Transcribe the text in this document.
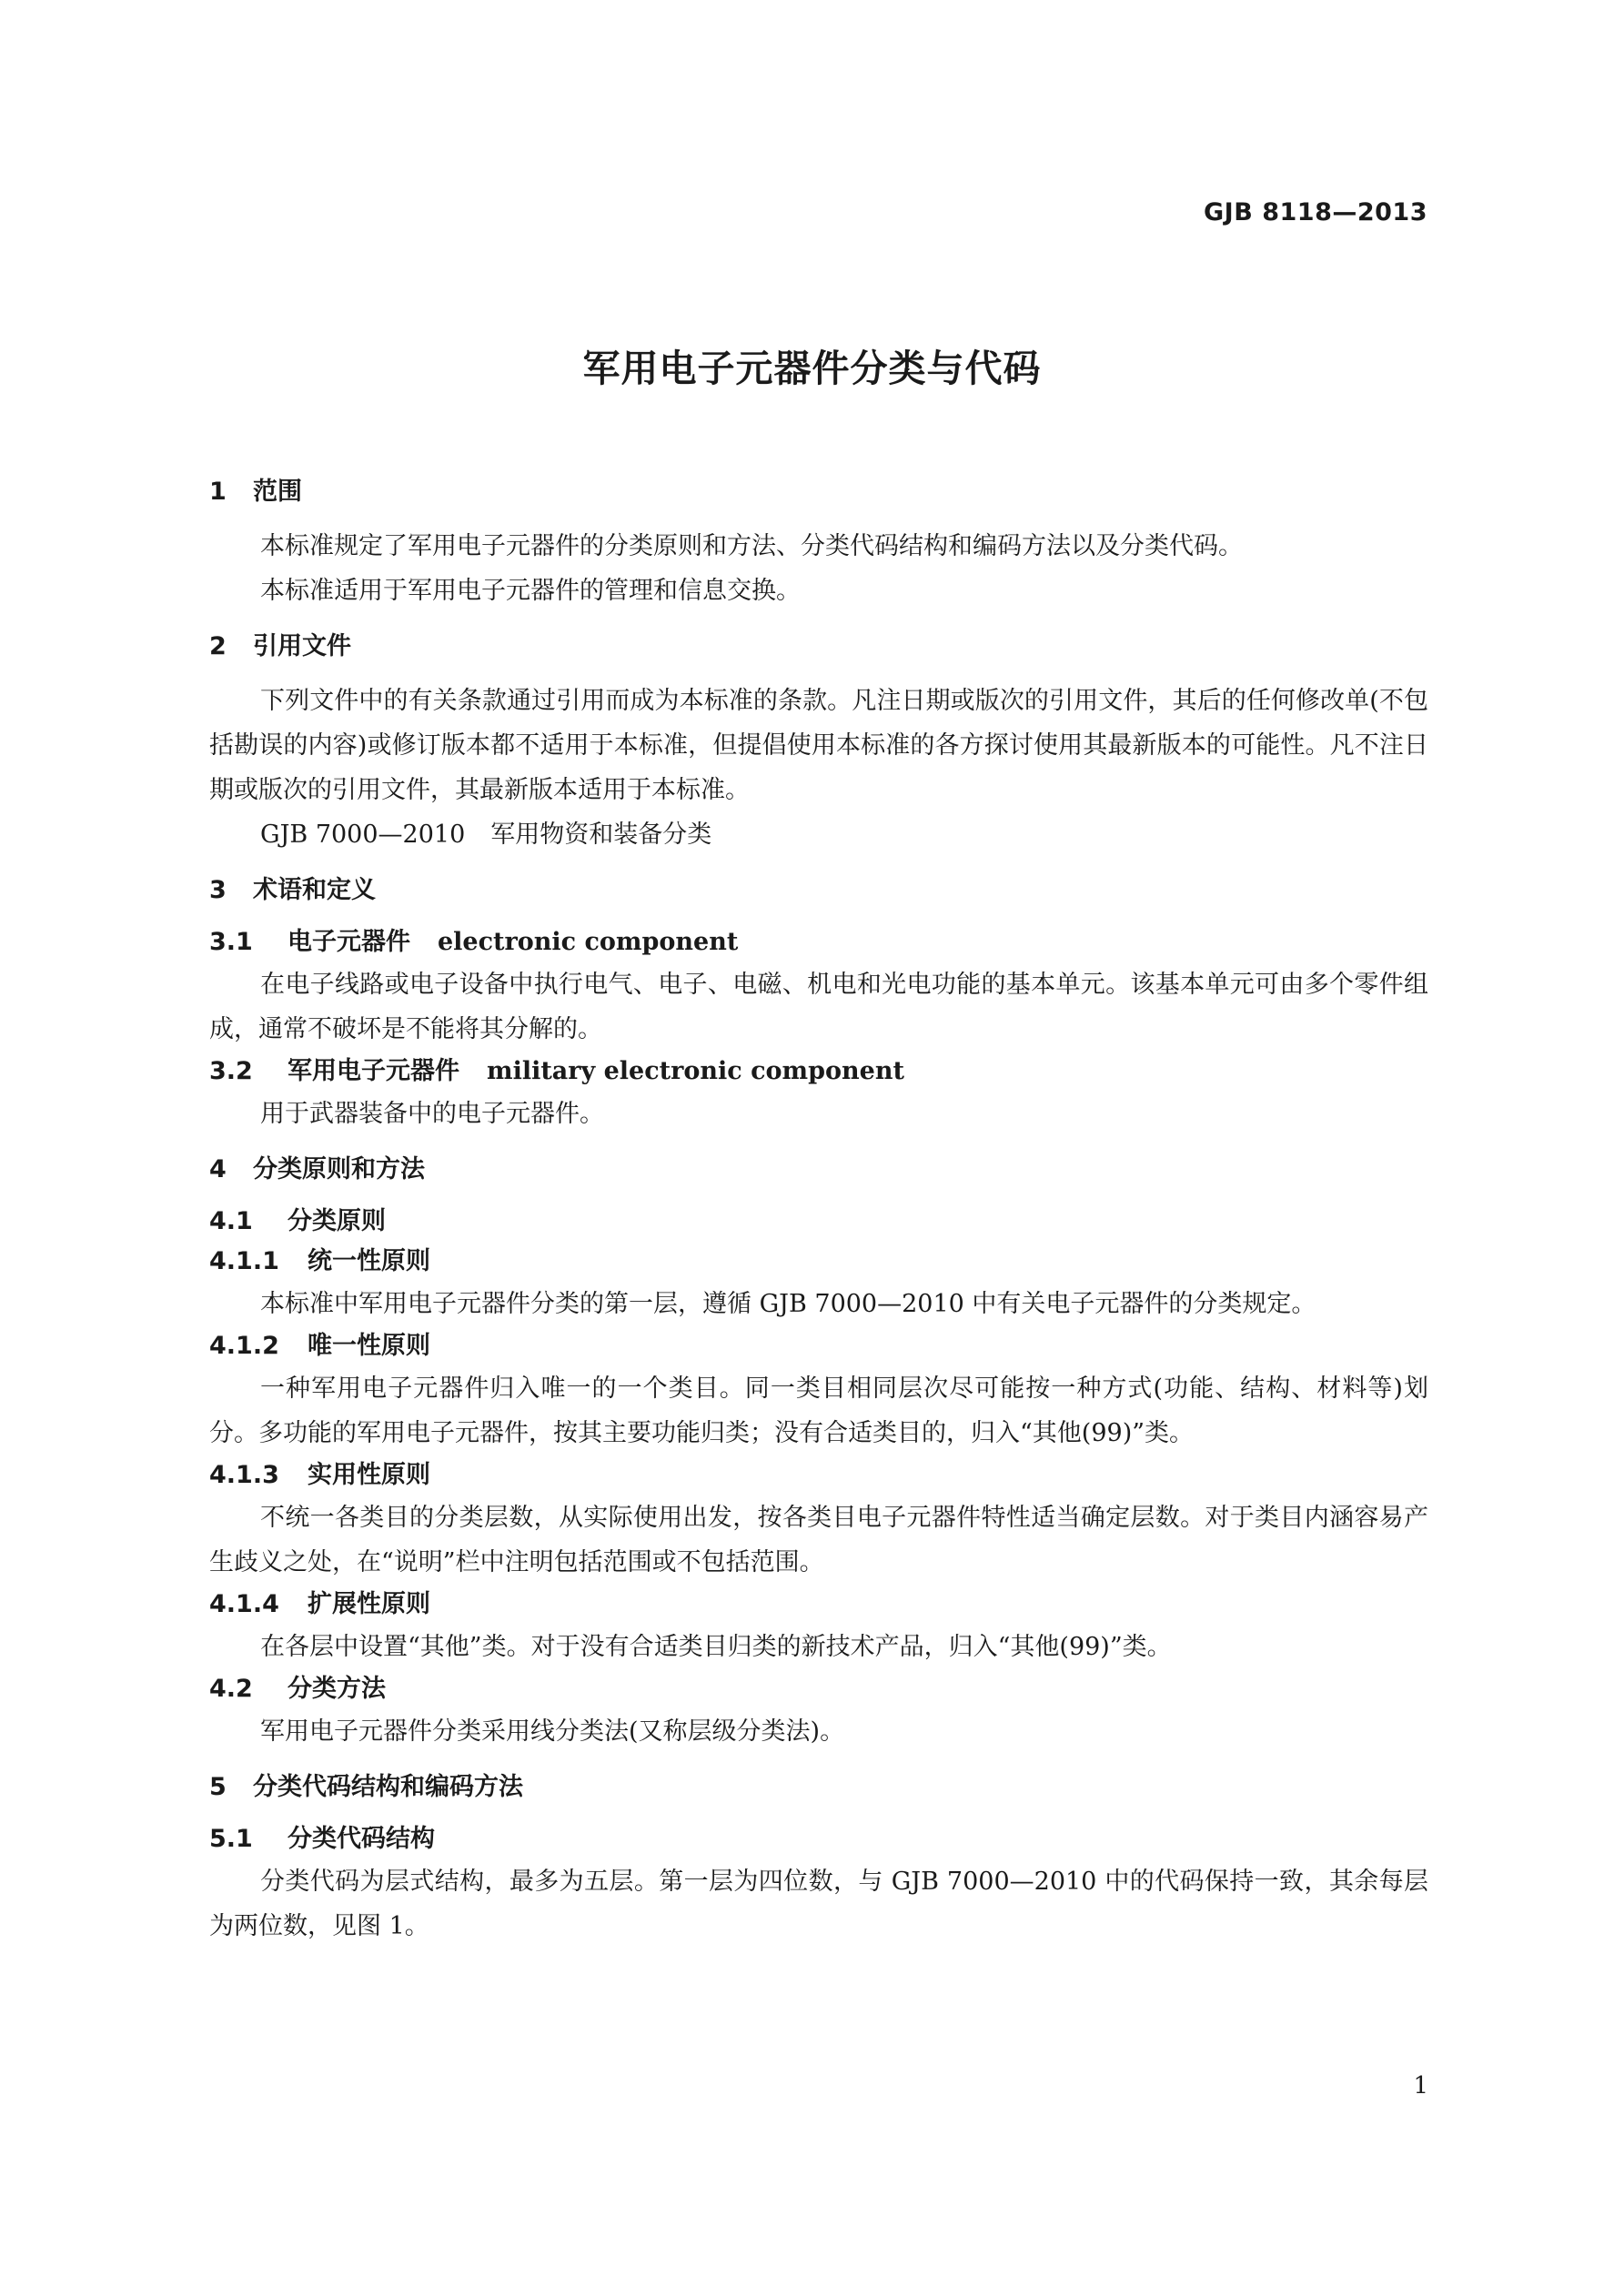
GJB 8118—2013
军用电子元器件分类与代码
1 范围
本标准规定了军用电子元器件的分类原则和方法、分类代码结构和编码方法以及分类代码。
本标准适用于军用电子元器件的管理和信息交换。
2 引用文件
下列文件中的有关条款通过引用而成为本标准的条款。凡注日期或版次的引用文件，其后的任何修改单(不包括勘误的内容)或修订版本都不适用于本标准，但提倡使用本标准的各方探讨使用其最新版本的可能性。凡不注日期或版次的引用文件，其最新版本适用于本标准。
GJB 7000—2010 军用物资和装备分类
3 术语和定义
3.1 电子元器件 electronic component
在电子线路或电子设备中执行电气、电子、电磁、机电和光电功能的基本单元。该基本单元可由多个零件组成，通常不破坏是不能将其分解的。
3.2 军用电子元器件 military electronic component
用于武器装备中的电子元器件。
4 分类原则和方法
4.1 分类原则
4.1.1 统一性原则
本标准中军用电子元器件分类的第一层，遵循 GJB 7000—2010 中有关电子元器件的分类规定。
4.1.2 唯一性原则
一种军用电子元器件归入唯一的一个类目。同一类目相同层次尽可能按一种方式(功能、结构、材料等)划分。多功能的军用电子元器件，按其主要功能归类；没有合适类目的，归入“其他(99)”类。
4.1.3 实用性原则
不统一各类目的分类层数，从实际使用出发，按各类目电子元器件特性适当确定层数。对于类目内涵容易产生歧义之处，在“说明”栏中注明包括范围或不包括范围。
4.1.4 扩展性原则
在各层中设置“其他”类。对于没有合适类目归类的新技术产品，归入“其他(99)”类。
4.2 分类方法
军用电子元器件分类采用线分类法(又称层级分类法)。
5 分类代码结构和编码方法
5.1 分类代码结构
分类代码为层式结构，最多为五层。第一层为四位数，与 GJB 7000—2010 中的代码保持一致，其余每层为两位数，见图 1。
1
